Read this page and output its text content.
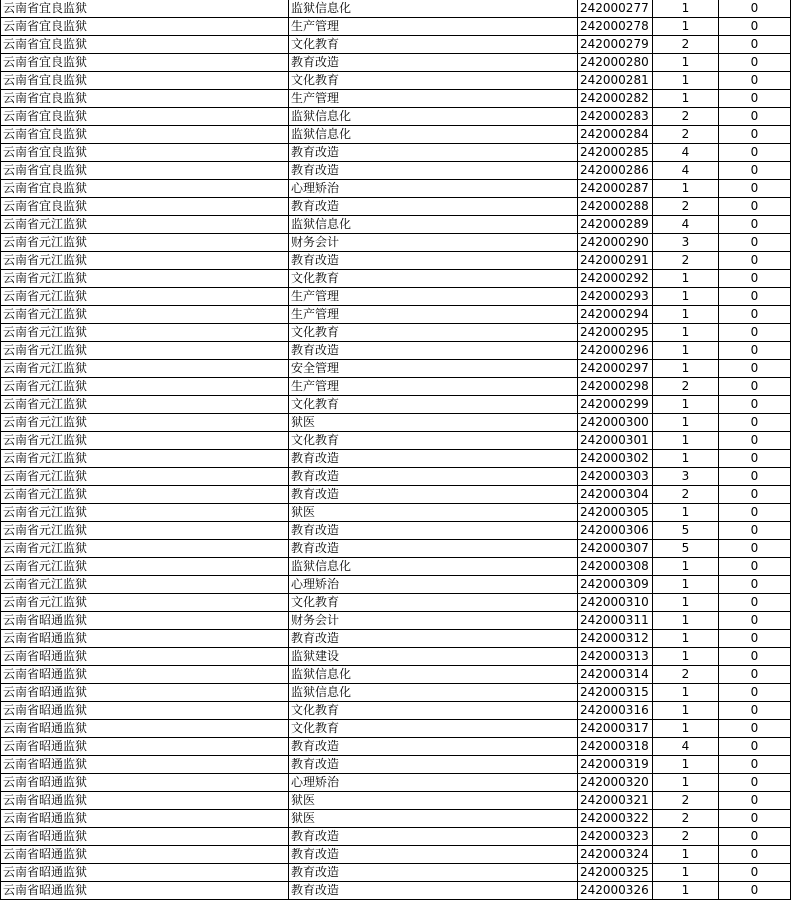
云南省宜良监狱	监狱信息化	242000277	1	0
云南省宜良监狱	生产管理	242000278	1	0
云南省宜良监狱	文化教育	242000279	2	0
云南省宜良监狱	教育改造	242000280	1	0
云南省宜良监狱	文化教育	242000281	1	0
云南省宜良监狱	生产管理	242000282	1	0
云南省宜良监狱	监狱信息化	242000283	2	0
云南省宜良监狱	监狱信息化	242000284	2	0
云南省宜良监狱	教育改造	242000285	4	0
云南省宜良监狱	教育改造	242000286	4	0
云南省宜良监狱	心理矫治	242000287	1	0
云南省宜良监狱	教育改造	242000288	2	0
云南省元江监狱	监狱信息化	242000289	4	0
云南省元江监狱	财务会计	242000290	3	0
云南省元江监狱	教育改造	242000291	2	0
云南省元江监狱	文化教育	242000292	1	0
云南省元江监狱	生产管理	242000293	1	0
云南省元江监狱	生产管理	242000294	1	0
云南省元江监狱	文化教育	242000295	1	0
云南省元江监狱	教育改造	242000296	1	0
云南省元江监狱	安全管理	242000297	1	0
云南省元江监狱	生产管理	242000298	2	0
云南省元江监狱	文化教育	242000299	1	0
云南省元江监狱	狱医	242000300	1	0
云南省元江监狱	文化教育	242000301	1	0
云南省元江监狱	教育改造	242000302	1	0
云南省元江监狱	教育改造	242000303	3	0
云南省元江监狱	教育改造	242000304	2	0
云南省元江监狱	狱医	242000305	1	0
云南省元江监狱	教育改造	242000306	5	0
云南省元江监狱	教育改造	242000307	5	0
云南省元江监狱	监狱信息化	242000308	1	0
云南省元江监狱	心理矫治	242000309	1	0
云南省元江监狱	文化教育	242000310	1	0
云南省昭通监狱	财务会计	242000311	1	0
云南省昭通监狱	教育改造	242000312	1	0
云南省昭通监狱	监狱建设	242000313	1	0
云南省昭通监狱	监狱信息化	242000314	2	0
云南省昭通监狱	监狱信息化	242000315	1	0
云南省昭通监狱	文化教育	242000316	1	0
云南省昭通监狱	文化教育	242000317	1	0
云南省昭通监狱	教育改造	242000318	4	0
云南省昭通监狱	教育改造	242000319	1	0
云南省昭通监狱	心理矫治	242000320	1	0
云南省昭通监狱	狱医	242000321	2	0
云南省昭通监狱	狱医	242000322	2	0
云南省昭通监狱	教育改造	242000323	2	0
云南省昭通监狱	教育改造	242000324	1	0
云南省昭通监狱	教育改造	242000325	1	0
云南省昭通监狱	教育改造	242000326	1	0
